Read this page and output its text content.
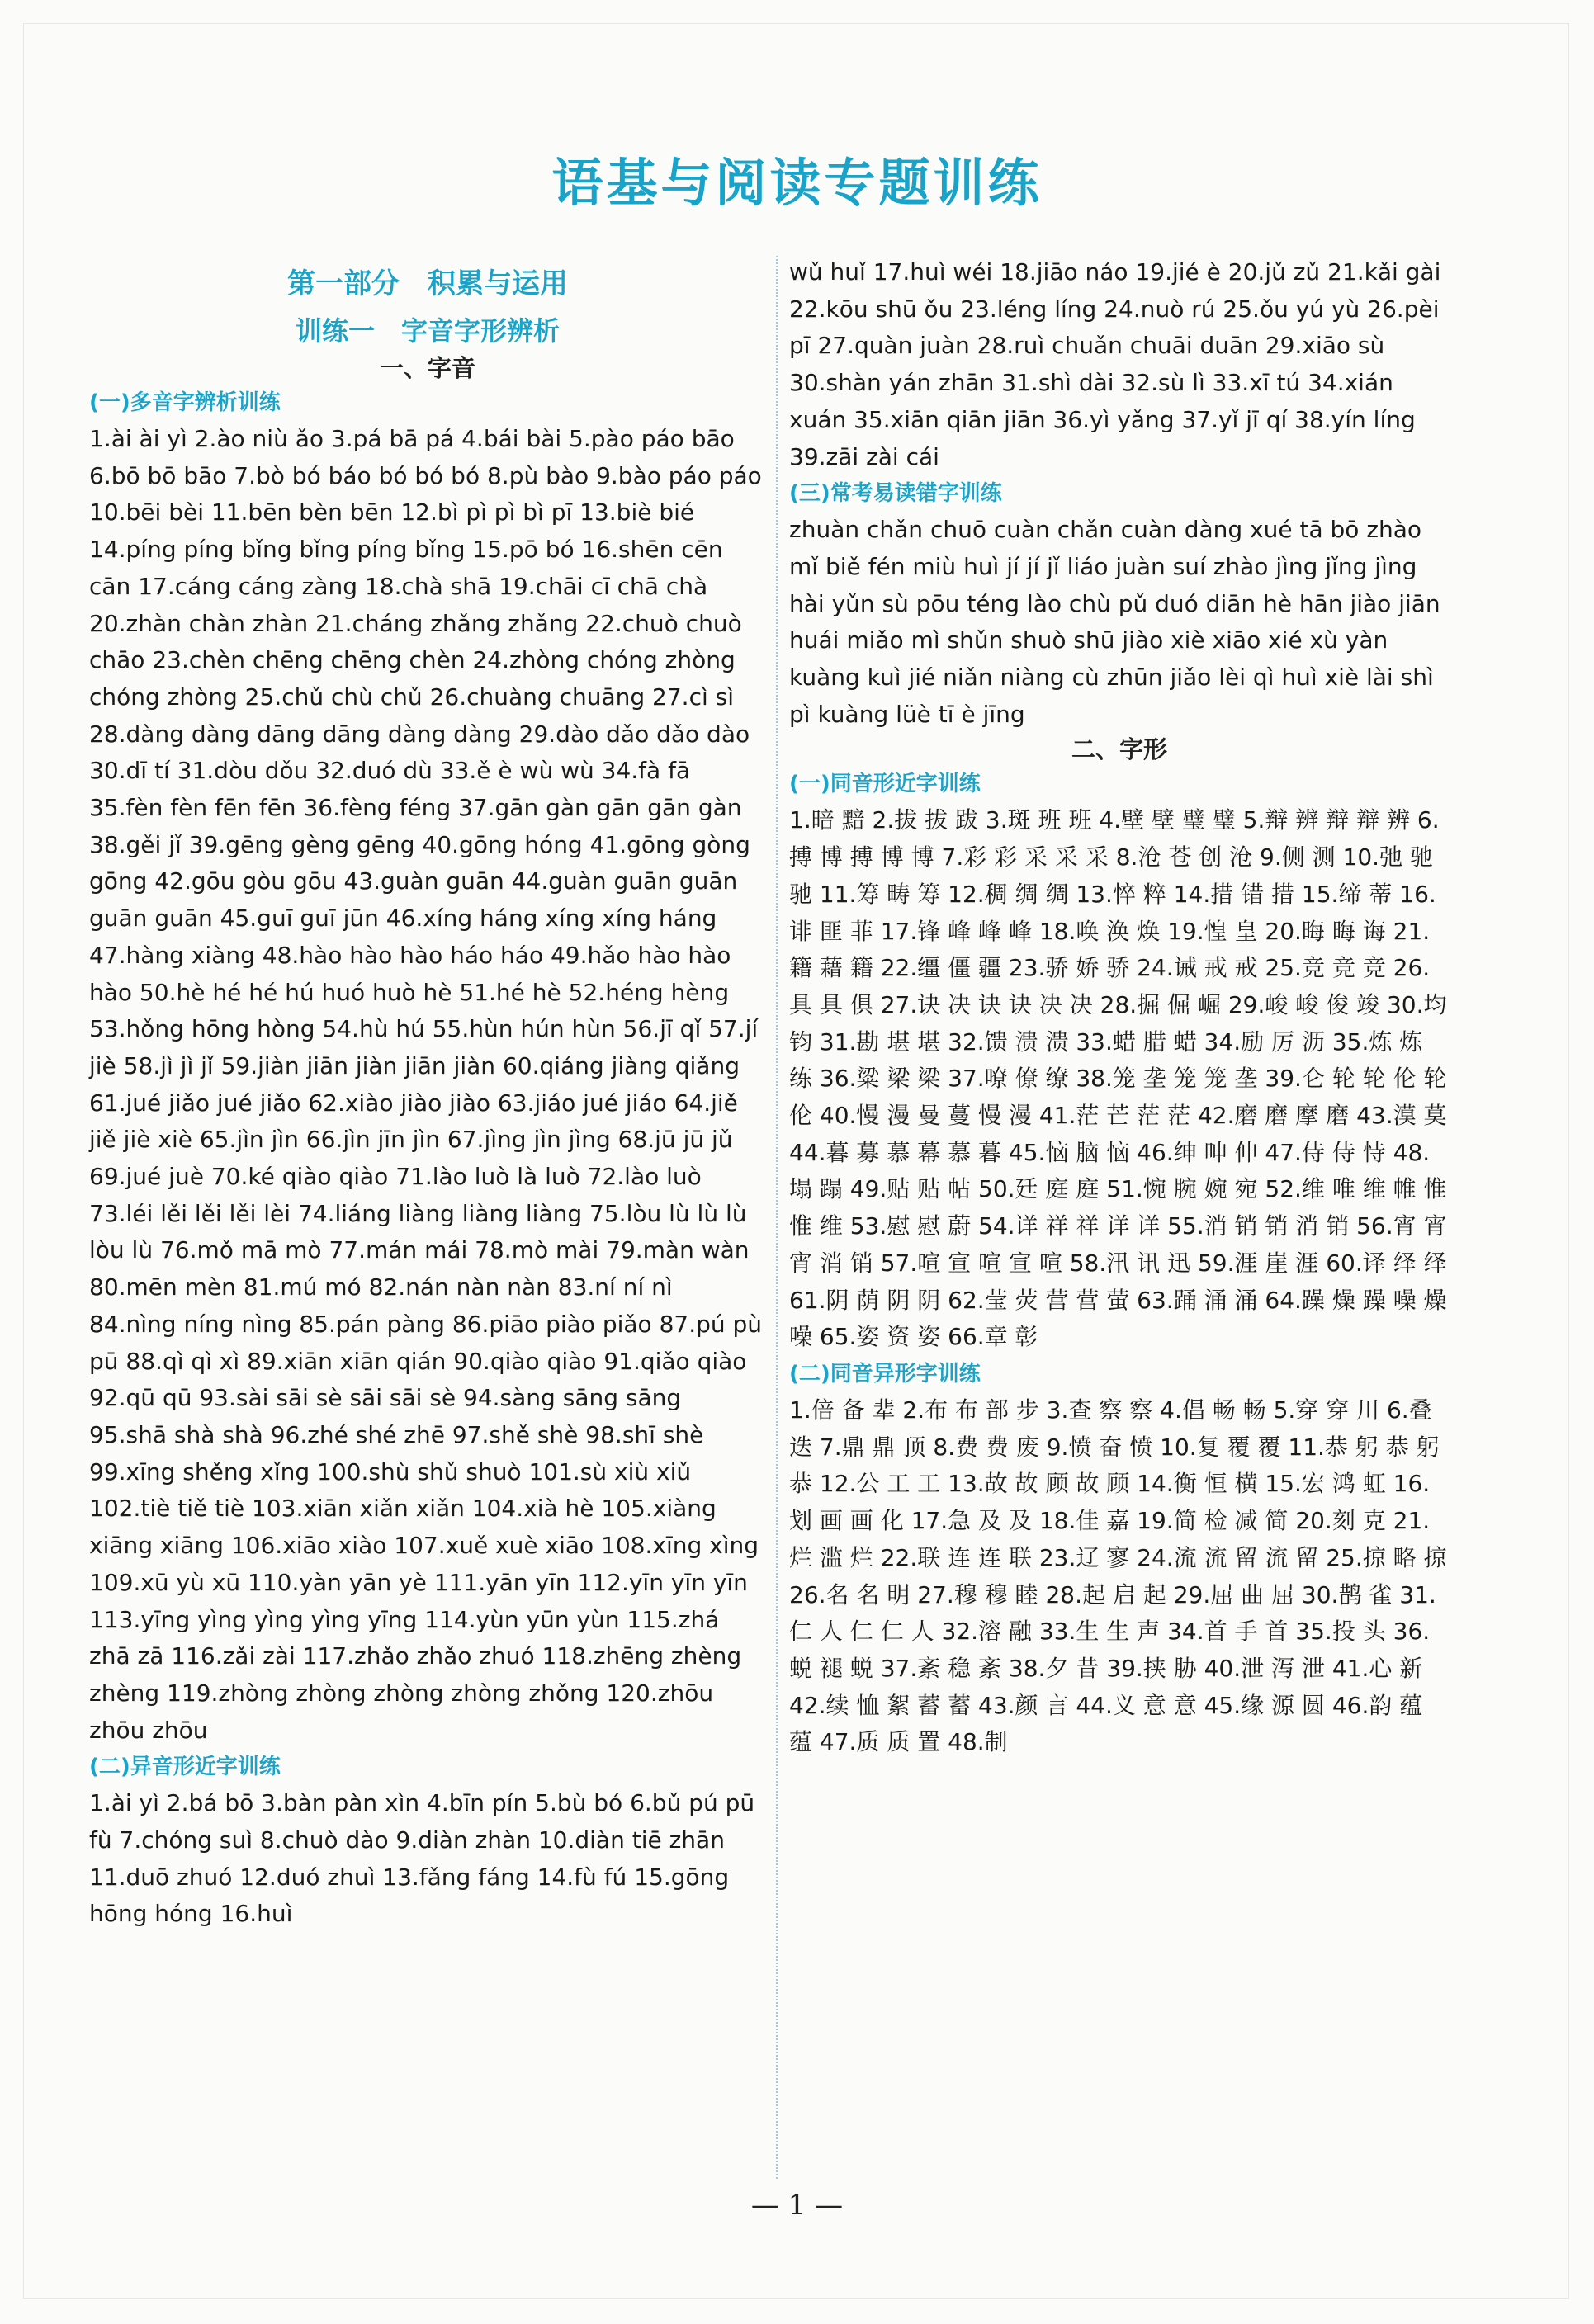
语基与阅读专题训练
第一部分　积累与运用
训练一　字音字形辨析
一、字音
(一)多音字辨析训练
1.ài ài yì 2.ào niù ǎo 3.pá bā pá 4.bái bài 5.pào páo bāo 6.bō bō bāo 7.bò bó báo bó bó bó 8.pù bào 9.bào páo páo 10.bēi bèi 11.bēn bèn bēn 12.bì pì pì bì pī 13.biè bié 14.píng píng bǐng bǐng píng bǐng 15.pō bó 16.shēn cēn cān 17.cáng cáng zàng 18.chà shā 19.chāi cī chā chà 20.zhàn chàn zhàn 21.cháng zhǎng zhǎng 22.chuò chuò chāo 23.chèn chēng chēng chèn 24.zhòng chóng zhòng chóng zhòng 25.chǔ chù chǔ 26.chuàng chuāng 27.cì sì 28.dàng dàng dāng dāng dàng dàng 29.dào dǎo dǎo dào 30.dī tí 31.dòu dǒu 32.duó dù 33.ě è wù wù 34.fà fā 35.fèn fèn fēn fēn 36.fèng féng 37.gān gàn gān gān gàn 38.gěi jǐ 39.gēng gèng gēng 40.gōng hóng 41.gōng gòng gōng 42.gōu gòu gōu 43.guàn guān 44.guàn guān guān guān guān 45.guī guī jūn 46.xíng háng xíng xíng háng 47.hàng xiàng 48.hào hào hào háo háo 49.hǎo hào hào hào 50.hè hé hé hú huó huò hè 51.hé hè 52.héng hèng 53.hǒng hōng hòng 54.hù hú 55.hùn hún hùn 56.jī qǐ 57.jí jiè 58.jì jì jǐ 59.jiàn jiān jiàn jiān jiàn 60.qiáng jiàng qiǎng 61.jué jiǎo jué jiǎo 62.xiào jiào jiào 63.jiáo jué jiáo 64.jiě jiě jiè xiè 65.jìn jìn 66.jìn jīn jìn 67.jìng jìn jìng 68.jū jū jǔ 69.jué juè 70.ké qiào qiào 71.lào luò là luò 72.lào luò 73.léi lěi lěi lěi lèi 74.liáng liàng liàng liàng 75.lòu lù lù lù lòu lù 76.mǒ mā mò 77.mán mái 78.mò mài 79.màn wàn 80.mēn mèn 81.mú mó 82.nán nàn nàn 83.ní ní nì 84.nìng níng nìng 85.pán pàng 86.piāo piào piǎo 87.pú pù pū 88.qì qì xì 89.xiān xiān qián 90.qiào qiào 91.qiǎo qiào 92.qū qū 93.sài sāi sè sāi sāi sè 94.sàng sāng sāng 95.shā shà shà 96.zhé shé zhē 97.shě shè 98.shī shè 99.xīng shěng xǐng 100.shù shǔ shuò 101.sù xiù xiǔ 102.tiè tiě tiè 103.xiān xiǎn xiǎn 104.xià hè 105.xiàng xiāng xiāng 106.xiāo xiào 107.xuě xuè xiāo 108.xīng xìng 109.xū yù xū 110.yàn yān yè 111.yān yīn 112.yīn yīn yīn 113.yīng yìng yìng yìng yīng 114.yùn yūn yùn 115.zhá zhā zā 116.zǎi zài 117.zhǎo zhǎo zhuó 118.zhēng zhèng zhèng 119.zhòng zhòng zhòng zhòng zhǒng 120.zhōu zhōu zhōu
(二)异音形近字训练
1.ài yì 2.bá bō 3.bàn pàn xìn 4.bīn pín 5.bù bó 6.bǔ pú pū fù 7.chóng suì 8.chuò dào 9.diàn zhàn 10.diàn tiē zhān 11.duō zhuó 12.duó zhuì 13.fǎng fáng 14.fù fú 15.gōng hōng hóng 16.huì
wǔ huǐ 17.huì wéi 18.jiāo náo 19.jié è 20.jǔ zǔ 21.kǎi gài 22.kōu shū ǒu 23.léng líng 24.nuò rú 25.ǒu yú yù 26.pèi pī 27.quàn juàn 28.ruì chuǎn chuāi duān 29.xiāo sù 30.shàn yán zhān 31.shì dài 32.sù lì 33.xī tú 34.xián xuán 35.xiān qiān jiān 36.yì yǎng 37.yǐ jī qí 38.yín líng 39.zāi zài cái
(三)常考易读错字训练
zhuàn chǎn chuō cuàn chǎn cuàn dàng xué tā bō zhào mǐ biě fén miù huì jí jí jǐ liáo juàn suí zhào jìng jǐng jìng hài yǔn sù pōu téng lào chù pǔ duó diān hè hān jiào jiān huái miǎo mì shǔn shuò shū jiào xiè xiāo xié xù yàn kuàng kuì jié niǎn niàng cù zhūn jiǎo lèi qì huì xiè lài shì pì kuàng lüè tī è jīng
二、字形
(一)同音形近字训练
1.暗 黯 2.拔 拔 跋 3.斑 班 班 4.壁 壁 璧 璧 5.辩 辨 辩 辩 辨 6.搏 博 搏 博 博 7.彩 彩 采 采 采 8.沧 苍 创 沧 9.侧 测 10.弛 驰 驰 11.筹 畴 筹 12.稠 绸 绸 13.悴 粹 14.措 错 措 15.缔 蒂 16.诽 匪 菲 17.锋 峰 峰 峰 18.唤 涣 焕 19.惶 皇 20.晦 晦 诲 21.籍 藉 籍 22.缰 僵 疆 23.骄 娇 骄 24.诫 戒 戒 25.竞 竞 竞 26.具 具 俱 27.诀 决 诀 诀 决 决 28.掘 倔 崛 29.峻 峻 俊 竣 30.均 钧 31.勘 堪 堪 32.馈 溃 溃 33.蜡 腊 蜡 34.励 厉 沥 35.炼 炼 练 36.粱 梁 梁 37.嘹 僚 缭 38.笼 垄 笼 笼 垄 39.仑 轮 轮 伦 轮 伦 40.慢 漫 曼 蔓 慢 漫 41.茫 芒 茫 茫 42.磨 磨 摩 磨 43.漠 莫 44.暮 募 慕 幕 慕 暮 45.恼 脑 恼 46.绅 呻 伸 47.侍 侍 恃 48. 塌 蹋 49.贴 贴 帖 50.廷 庭 庭 51.惋 腕 婉 宛 52.维 唯 维 帷 惟 惟 维 53.慰 慰 蔚 54.详 祥 祥 详 详 55.消 销 销 消 销 56.宵 宵 宵 消 销 57.喧 宣 喧 宣 喧 58.汛 讯 迅 59.涯 崖 涯 60.译 绎 绎 61.阴 荫 阴 阴 62.莹 荧 营 营 萤 63.踊 涌 涌 64.躁 燥 躁 噪 燥 噪 65.姿 资 姿 66.章 彰
(二)同音异形字训练
1.倍 备 辈 2.布 布 部 步 3.查 察 察 4.倡 畅 畅 5.穿 穿 川 6.叠 迭 7.鼎 鼎 顶 8.费 费 废 9.愤 奋 愤 10.复 覆 覆 11.恭 躬 恭 躬 恭 12.公 工 工 13.故 故 顾 故 顾 14.衡 恒 横 15.宏 鸿 虹 16.划 画 画 化 17.急 及 及 18.佳 嘉 19.简 检 减 简 20.刻 克 21.烂 滥 烂 22.联 连 连 联 23.辽 寥 24.流 流 留 流 留 25.掠 略 掠 26.名 名 明 27.穆 穆 睦 28.起 启 起 29.屈 曲 屈 30.鹊 雀 31.仁 人 仁 仁 人 32.溶 融 33.生 生 声 34.首 手 首 35.投 头 36.蜕 褪 蜕 37.紊 稳 紊 38.夕 昔 39.挟 胁 40.泄 泻 泄 41.心 新 42.续 恤 絮 蓄 蓄 43.颜 言 44.义 意 意 45.缘 源 圆 46.韵 蕴 蕴 47.质 质 置 48.制
— 1 —
